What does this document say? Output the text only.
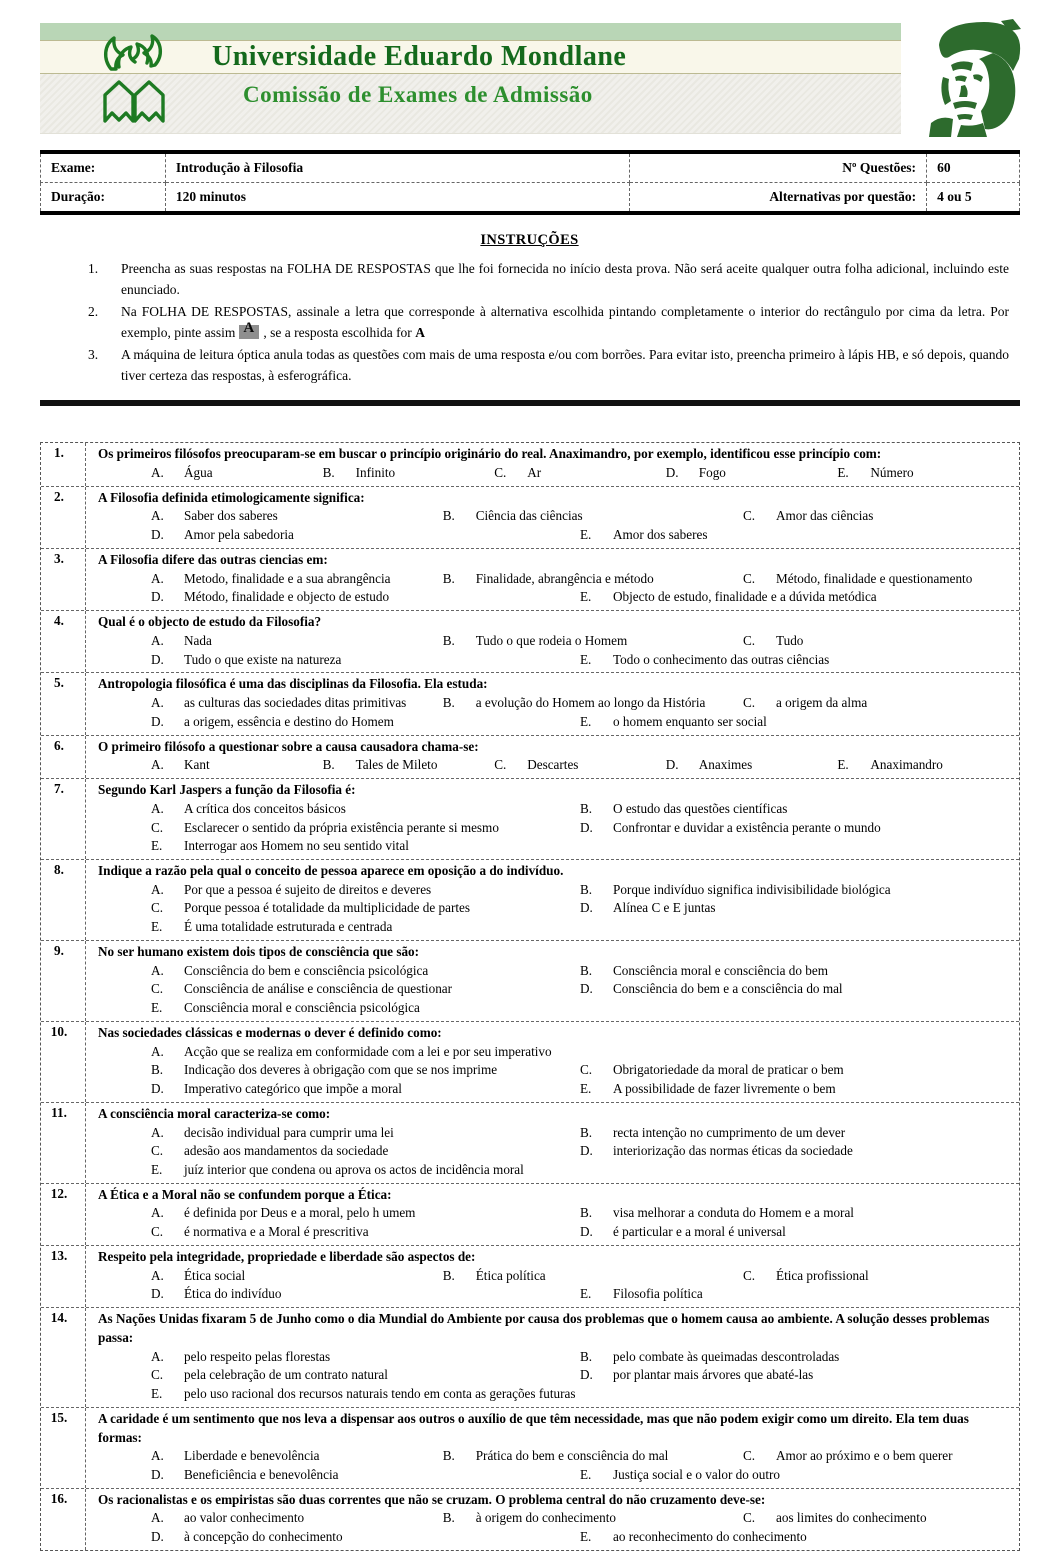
Universidade Eduardo Mondlane
Comissão de Exames de Admissão
Exame:	Introdução à Filosofia	Nº Questões:	60
Duração:	120 minutos	Alternativas por questão:	4 ou 5
INSTRUÇÕES
1.	Preencha as suas respostas na FOLHA DE RESPOSTAS que lhe foi fornecida no início desta prova. Não será aceite qualquer outra folha adicional, incluindo este enunciado.
2.	Na FOLHA DE RESPOSTAS, assinale a letra que corresponde à alternativa escolhida pintando completamente o interior do rectângulo por cima da letra. Por exemplo, pinte assim A , se a resposta escolhida for A
3.	A máquina de leitura óptica anula todas as questões com mais de uma resposta e/ou com borrões. Para evitar isto, preencha primeiro à lápis HB, e só depois, quando tiver certeza das respostas, à esferográfica.
1.	Os primeiros filósofos preocuparam-se em buscar o princípio originário do real. Anaximandro, por exemplo, identificou esse princípio com:
A.	Água	B.	Infinito	C.	Ar	D.	Fogo	E.	Número
2.	A Filosofia definida etimologicamente significa:
A.	Saber dos saberes	B.	Ciência das ciências	C.	Amor das ciências
D.	Amor pela sabedoria	E.	Amor dos saberes
3.	A Filosofia difere das outras ciencias em:
A.	Metodo, finalidade e a sua abrangência	B.	Finalidade, abrangência e método	C.	Método, finalidade e questionamento
D.	Método, finalidade e objecto de estudo	E.	Objecto de estudo, finalidade e a dúvida metódica
4.	Qual é o objecto de estudo da Filosofia?
A.	Nada	B.	Tudo o que rodeia o Homem	C.	Tudo
D.	Tudo o que existe na natureza	E.	Todo o conhecimento das outras ciências
5.	Antropologia filosófica é uma das disciplinas da Filosofia. Ela estuda:
A.	as culturas das sociedades ditas primitivas	B.	a evolução do Homem ao longo da História	C.	a origem da alma
D.	a origem, essência e destino do Homem	E.	o homem enquanto ser social
6.	O primeiro filósofo a questionar sobre a causa causadora chama-se:
A.	Kant	B.	Tales de Mileto	C.	Descartes	D.	Anaximes	E.	Anaximandro
7.	Segundo Karl Jaspers a função da Filosofia é:
A.	A crítica dos conceitos básicos	B.	O estudo das questões científicas
C.	Esclarecer o sentido da própria existência perante si mesmo	D.	Confrontar e duvidar a existência perante o mundo
E.	Interrogar aos Homem no seu sentido vital
8.	Indique a razão pela qual o conceito de pessoa aparece em oposição a do indivíduo.
A.	Por que a pessoa é sujeito de direitos e deveres	B.	Porque indivíduo significa indivisibilidade biológica
C.	Porque pessoa é totalidade da multiplicidade de partes	D.	Alínea C e E juntas
E.	É uma totalidade estruturada e centrada
9.	No ser humano existem dois tipos de consciência que são:
A.	Consciência do bem e consciência psicológica	B.	Consciência moral e consciência do bem
C.	Consciência de análise e consciência de questionar	D.	Consciência do bem e a consciência do mal
E.	Consciência moral e consciência psicológica
10.	Nas sociedades clássicas e modernas o dever é definido como:
A.	Acção que se realiza em conformidade com a lei e por seu imperativo
B.	Indicação dos deveres à obrigação com que se nos imprime	C.	Obrigatoriedade da moral de praticar o bem
D.	Imperativo categórico que impõe a moral	E.	A possibilidade de fazer livremente o bem
11.	A consciência moral caracteriza-se como:
A.	decisão individual para cumprir uma lei	B.	recta intenção no cumprimento de um dever
C.	adesão aos mandamentos da sociedade	D.	interiorização das normas éticas da sociedade
E.	juíz interior que condena ou aprova os actos de incidência moral
12.	A Ética e a Moral não se confundem porque a Ética:
A.	é definida por Deus e a moral, pelo h umem	B.	visa melhorar a conduta do Homem e a moral
C.	é normativa e a Moral é prescritiva	D.	é particular e a moral é universal
13.	Respeito pela integridade, propriedade e liberdade são aspectos de:
A.	Ética social	B.	Ética política	C.	Ética profissional
D.	Ética do indivíduo	E.	Filosofia política
14.	As Nações Unidas fixaram 5 de Junho como o dia Mundial do Ambiente por causa dos problemas que o homem causa ao ambiente. A solução desses problemas passa:
A.	pelo respeito pelas florestas	B.	pelo combate às queimadas descontroladas
C.	pela celebração de um contrato natural	D.	por plantar mais árvores que abaté-las
E.	pelo uso racional dos recursos naturais tendo em conta as gerações futuras
15.	A caridade é um sentimento que nos leva a dispensar aos outros o auxílio de que têm necessidade, mas que não podem exigir como um direito. Ela tem duas formas:
A.	Liberdade e benevolência	B.	Prática do bem e consciência do mal	C.	Amor ao próximo e o bem querer
D.	Beneficiência e benevolência	E.	Justiça social e o valor do outro
16.	Os racionalistas e os empiristas são duas correntes que não se cruzam. O problema central do não cruzamento deve-se:
A.	ao valor conhecimento	B.	à origem do conhecimento	C.	aos limites do conhecimento
D.	à concepção do conhecimento	E.	ao reconhecimento do conhecimento
